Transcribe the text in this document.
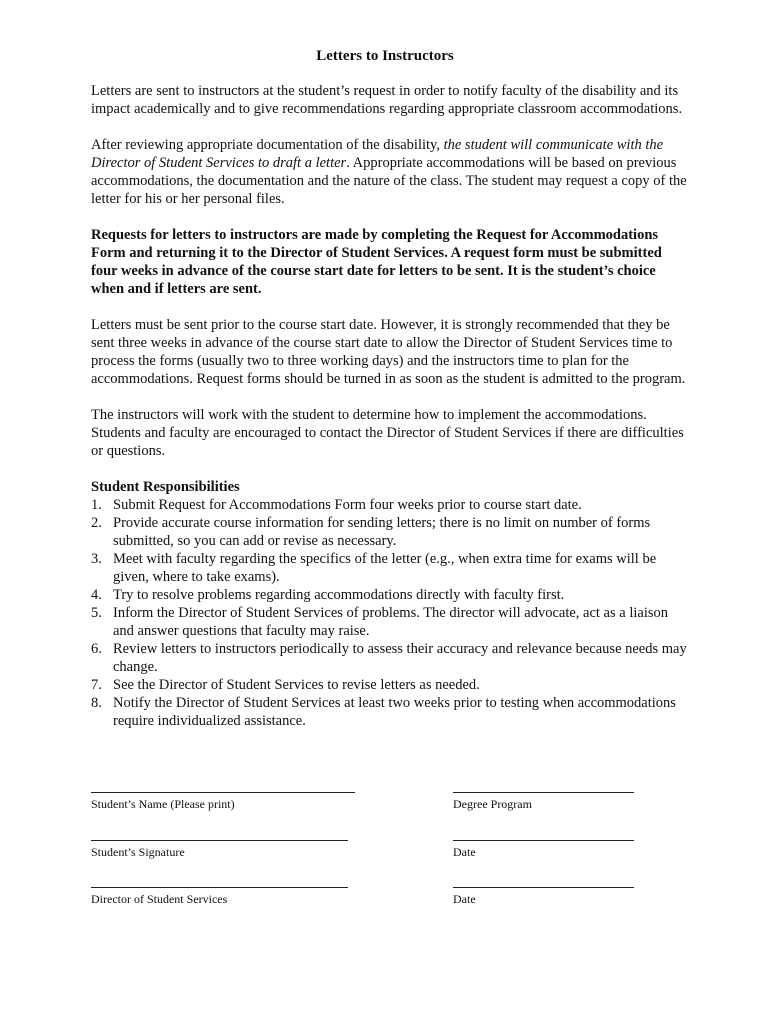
Letters to Instructors

Letters are sent to instructors at the student’s request in order to notify faculty of the disability and its impact academically and to give recommendations regarding appropriate classroom accommodations.

After reviewing appropriate documentation of the disability, the student will communicate with the Director of Student Services to draft a letter. Appropriate accommodations will be based on previous accommodations, the documentation and the nature of the class. The student may request a copy of the letter for his or her personal files.

Requests for letters to instructors are made by completing the Request for Accommodations Form and returning it to the Director of Student Services. A request form must be submitted four weeks in advance of the course start date for letters to be sent. It is the student’s choice when and if letters are sent.

Letters must be sent prior to the course start date. However, it is strongly recommended that they be sent three weeks in advance of the course start date to allow the Director of Student Services time to process the forms (usually two to three working days) and the instructors time to plan for the accommodations. Request forms should be turned in as soon as the student is admitted to the program.

The instructors will work with the student to determine how to implement the accommodations. Students and faculty are encouraged to contact the Director of Student Services if there are difficulties or questions.

Student Responsibilities
1. Submit Request for Accommodations Form four weeks prior to course start date.
2. Provide accurate course information for sending letters; there is no limit on number of forms submitted, so you can add or revise as necessary.
3. Meet with faculty regarding the specifics of the letter (e.g., when extra time for exams will be given, where to take exams).
4. Try to resolve problems regarding accommodations directly with faculty first.
5. Inform the Director of Student Services of problems. The director will advocate, act as a liaison and answer questions that faculty may raise.
6. Review letters to instructors periodically to assess their accuracy and relevance because needs may change.
7. See the Director of Student Services to revise letters as needed.
8. Notify the Director of Student Services at least two weeks prior to testing when accommodations require individualized assistance.
Student’s Name (Please print)	Degree Program
Student’s Signature	Date
Director of Student Services	Date
